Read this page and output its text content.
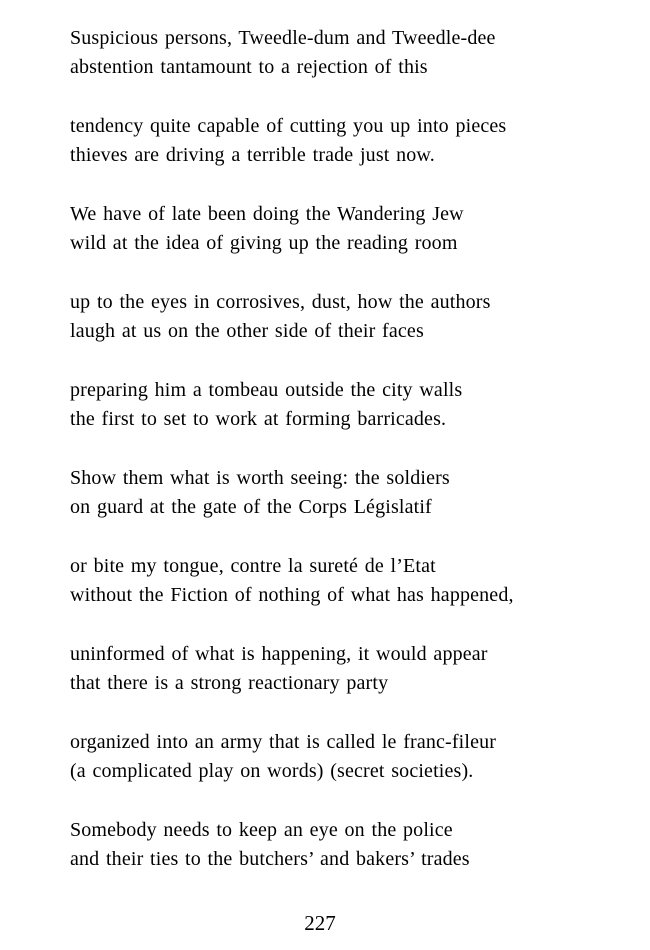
Suspicious persons, Tweedle-dum and Tweedle-dee
abstention tantamount to a rejection of this
tendency quite capable of cutting you up into pieces
thieves are driving a terrible trade just now.
We have of late been doing the Wandering Jew
wild at the idea of giving up the reading room
up to the eyes in corrosives, dust, how the authors
laugh at us on the other side of their faces
preparing him a tombeau outside the city walls
the first to set to work at forming barricades.
Show them what is worth seeing: the soldiers
on guard at the gate of the Corps Législatif
or bite my tongue, contre la sureté de l’Etat
without the Fiction of nothing of what has happened,
uninformed of what is happening, it would appear
that there is a strong reactionary party
organized into an army that is called le franc-fileur
(a complicated play on words) (secret societies).
Somebody needs to keep an eye on the police
and their ties to the butchers’ and bakers’ trades
227
